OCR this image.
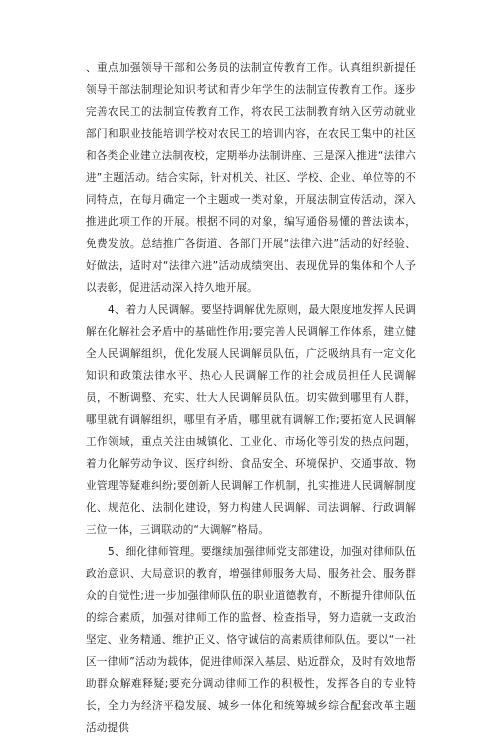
、重点加强领导干部和公务员的法制宣传教育工作。认真组织新提任领导干部法制理论知识考试和青少年学生的法制宣传教育工作。逐步完善农民工的法制宣传教育工作，将农民工法制教育纳入区劳动就业部门和职业技能培训学校对农民工的培训内容，在农民工集中的社区和各类企业建立法制夜校，定期举办法制讲座、三是深入推进“法律六进”主题活动。结合实际，针对机关、社区、学校、企业、单位等的不同特点，在每月确定一个主题或一类对象，开展法制宣传活动，深入推进此项工作的开展。根据不同的对象，编写通俗易懂的普法读本，免费发放。总结推广各街道、各部门开展“法律六进”活动的好经验、好做法，适时对“法律六进”活动成绩突出、表现优异的集体和个人予以表彰，促进活动深入持久地开展。

4、着力人民调解。要坚持调解优先原则，最大限度地发挥人民调解在化解社会矛盾中的基础性作用;要完善人民调解工作体系，建立健全人民调解组织，优化发展人民调解员队伍，广泛吸纳具有一定文化知识和政策法律水平、热心人民调解工作的社会成员担任人民调解员，不断调整、充实、壮大人民调解员队伍。切实做到哪里有人群，哪里就有调解组织，哪里有矛盾，哪里就有调解工作;要拓宽人民调解工作领域，重点关注由城镇化、工业化、市场化等引发的热点问题，着力化解劳动争议、医疗纠纷、食品安全、环境保护、交通事故、物业管理等疑难纠纷;要创新人民调解工作机制，扎实推进人民调解制度化、规范化、法制化建设，努力构建人民调解、司法调解、行政调解三位一体，三调联动的“大调解”格局。

5、细化律师管理。要继续加强律师党支部建设，加强对律师队伍政治意识、大局意识的教育，增强律师服务大局、服务社会、服务群众的自觉性;进一步加强律师队伍的职业道德教育，不断提升律师队伍的综合素质，加强对律师工作的监督、检查指导，努力造就一支政治坚定、业务精通、维护正义、恪守诚信的高素质律师队伍。要以“一社区一律师”活动为载体，促进律师深入基层、贴近群众，及时有效地帮助群众解难释疑;要充分调动律师工作的积极性，发挥各自的专业特长，全力为经济平稳发展、城乡一体化和统筹城乡综合配套改革主题活动提供
